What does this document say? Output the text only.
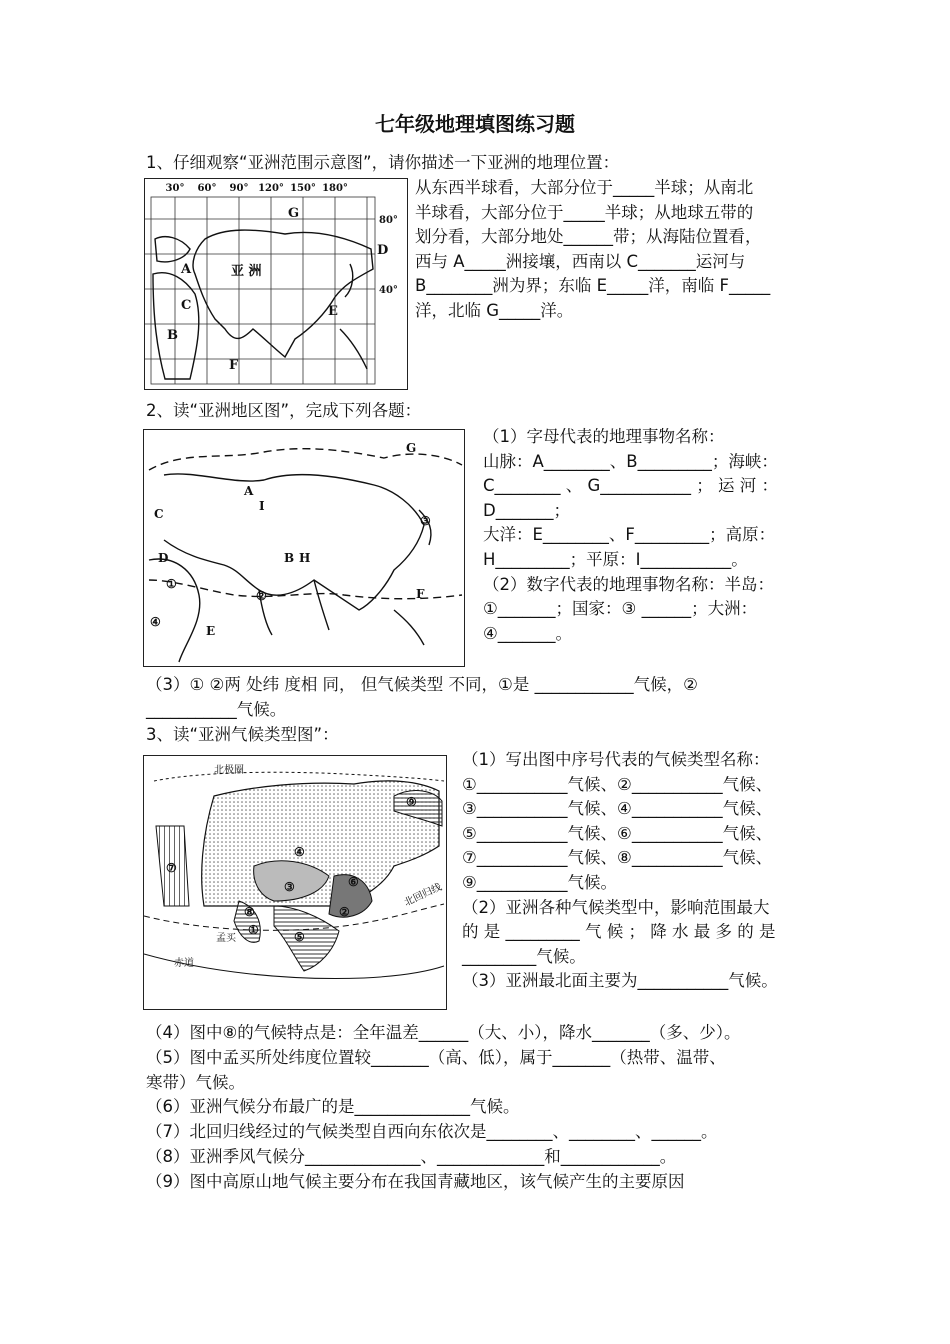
七年级地理填图练习题
1、仔细观察“亚洲范围示意图”，请你描述一下亚洲的地理位置：
30° 60° 90° 120° 150° 180°
80°
40°
A
B
C
D
E
F
G
亚 洲
从东西半球看，大部分位于_____半球；从南北
半球看，大部分位于_____半球；从地球五带的
划分看，大部分地处______带；从海陆位置看，
西与 A_____洲接壤，西南以 C_______运河与
B________洲为界；东临 E_____洋，南临 F_____
洋，北临 G_____洋。
2、读“亚洲地区图”，完成下列各题：
A
I
B H
C
D
G
E
F
①
②
③
④
（1）字母代表的地理事物名称：
山脉：A________、B_________；海峡：
C________ 、 G___________ ； 运 河 ：
D_______；
大洋：E________、F_________；高原：
H_________；平原：I___________。
（2）数字代表的地理事物名称：半岛：
①_______；国家：③ ______；大洲：
④_______。
（3）① ②两 处纬 度相 同， 但气候类型 不同，①是 ____________气候，②
___________气候。
3、读“亚洲气候类型图”：
北极圈
北回归线
赤道
孟买
①
②
③
④
⑤
⑥
⑦
⑧
⑨
（1）写出图中序号代表的气候类型名称：
①___________气候、②___________气候、
③___________气候、④___________气候、
⑤___________气候、⑥___________气候、
⑦___________气候、⑧___________气候、
⑨___________气候。
（2）亚洲各种气候类型中，影响范围最大
的 是 _________ 气 候 ； 降 水 最 多 的 是
_________气候。
（3）亚洲最北面主要为___________气候。
（4）图中⑧的气候特点是：全年温差______（大、小），降水_______（多、少）。
（5）图中孟买所处纬度位置较_______（高、低），属于_______（热带、温带、
寒带）气候。
（6）亚洲气候分布最广的是______________气候。
（7）北回归线经过的气候类型自西向东依次是________、________、______。
（8）亚洲季风气候分______________、_____________和____________。
（9）图中高原山地气候主要分布在我国青藏地区，该气候产生的主要原因
